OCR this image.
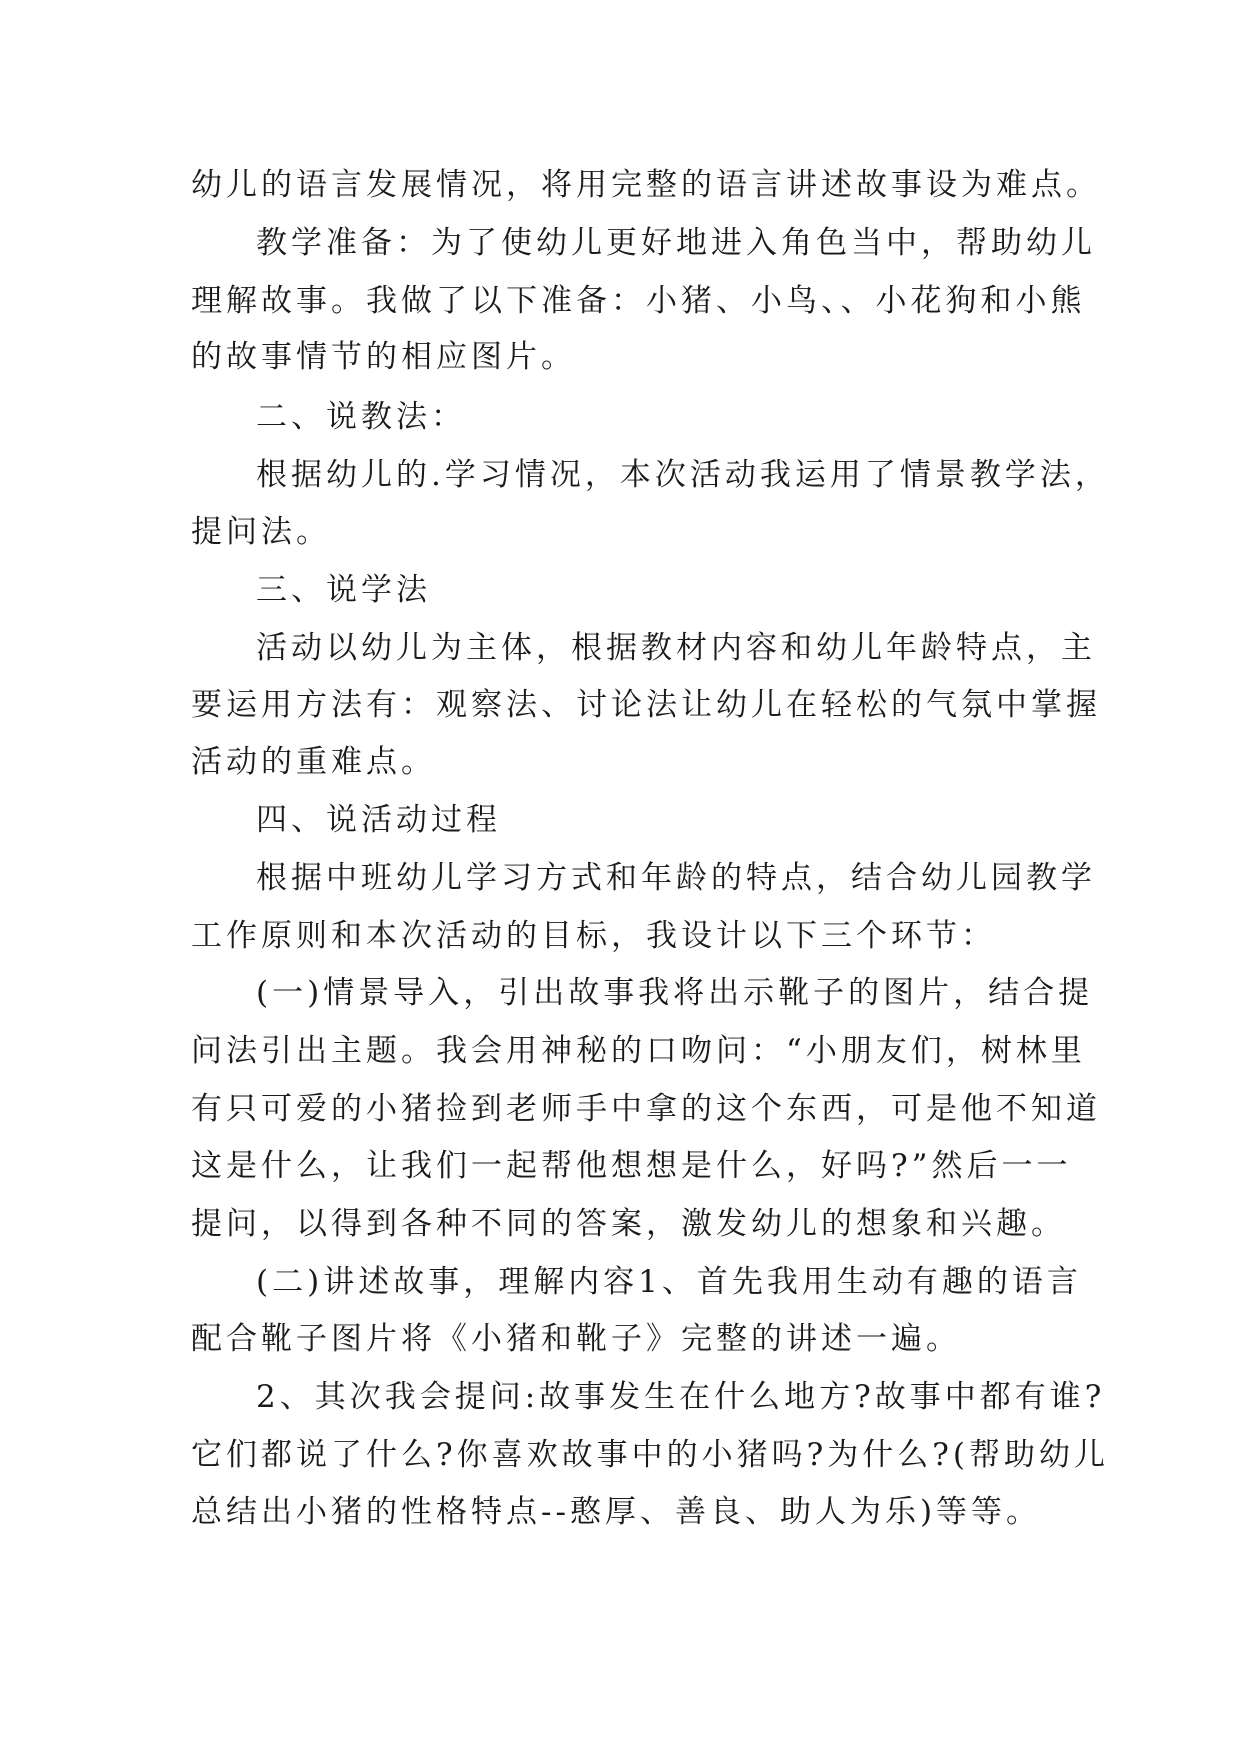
幼儿的语言发展情况，将用完整的语言讲述故事设为难点。
教学准备：为了使幼儿更好地进入角色当中，帮助幼儿
理解故事。我做了以下准备：小猪、小鸟、、小花狗和小熊
的故事情节的相应图片。
二、说教法：
根据幼儿的.学习情况，本次活动我运用了情景教学法，
提问法。
三、说学法
活动以幼儿为主体，根据教材内容和幼儿年龄特点，主
要运用方法有：观察法、讨论法让幼儿在轻松的气氛中掌握
活动的重难点。
四、说活动过程
根据中班幼儿学习方式和年龄的特点，结合幼儿园教学
工作原则和本次活动的目标，我设计以下三个环节：
(一)情景导入，引出故事我将出示靴子的图片，结合提
问法引出主题。我会用神秘的口吻问：“小朋友们，树林里
有只可爱的小猪捡到老师手中拿的这个东西，可是他不知道
这是什么，让我们一起帮他想想是什么，好吗?”然后一一
提问，以得到各种不同的答案，激发幼儿的想象和兴趣。
(二)讲述故事，理解内容1、首先我用生动有趣的语言
配合靴子图片将《小猪和靴子》完整的讲述一遍。
2、其次我会提问:故事发生在什么地方?故事中都有谁?
它们都说了什么?你喜欢故事中的小猪吗?为什么?(帮助幼儿
总结出小猪的性格特点--憨厚、善良、助人为乐)等等。
